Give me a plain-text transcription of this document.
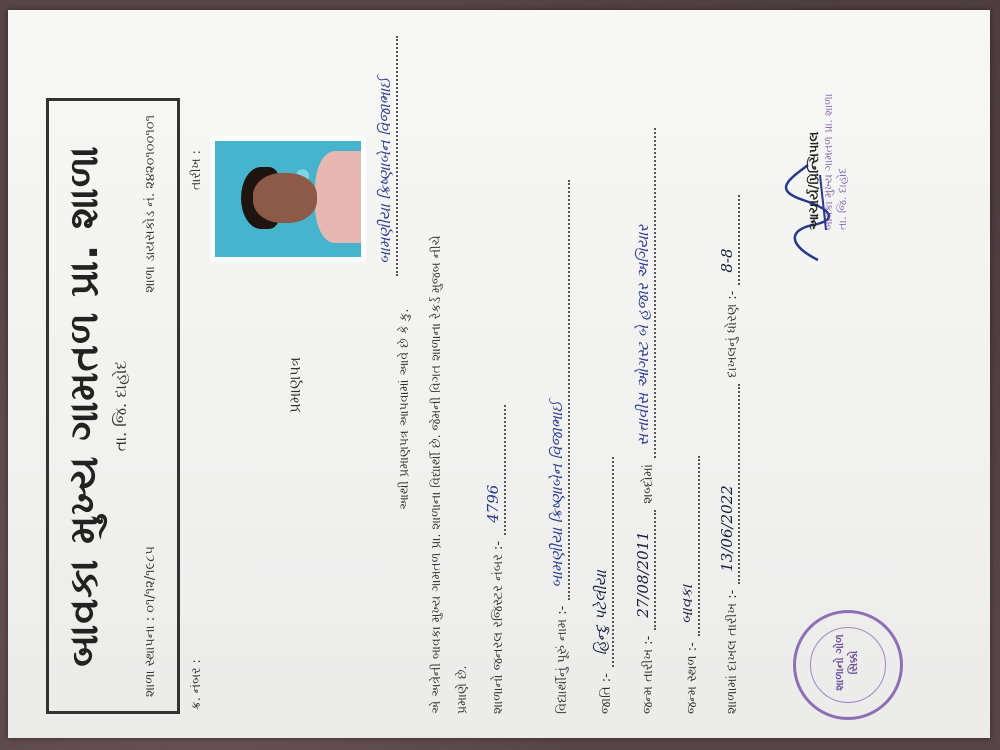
બાવકા મુખ્ય ગામતળ પ્રા. શાળા તા. જિ. દાહોદ
શાળા સ્થાપના : ૦૧/૧૨/૧૯૮૫
શાળા ડાયસકોડ નં. ૨૪૨૦૧૦૦૧૦૧
ક્ર. નંબર :
તારીખ :
પ્રમાણપત્ર	આથી પ્રમાણપત્ર આપવામાં આવે છે કે કુ.
બામણીયા ક્રિષ્ણાબેન વિજાભાઈ
એ અત્રેની બાવકા મુખ્ય ગામતળ પ્રા. શાળાના વિદ્યાર્થી છે. જેમની વિગત શાળાના રેકર્ડ મુજબ નીચે પ્રમાણે છે. શાળાનો જનરલ રજિસ્ટર નંબર :-
4796
વિદ્યાર્થીનું પૂરું નામ :-
બામણીયા ક્રિષ્ણાબેન વિજાભાઈ
જાતિ :-
હિન્દુ પટેલીયા
જન્મ તારીખ :-
27/08/2011
શબ્દોમાં
સત્તાવીસ ઓગસ્ટ બે હજાર અગિયાર
જન્મ સ્થળ :-
બાવકા શાળામાં દાખલ તારીખ :-
13/06/2022
દાખલનું ધોરણ :-
8-8
શાળાનો ગોળ સિક્કો
આચાર્ય/પ્રિન્સિપાલ બાવકા મુખ્ય ગામતળ પ્રા. શાળા તા. જિ. દાહોદ
